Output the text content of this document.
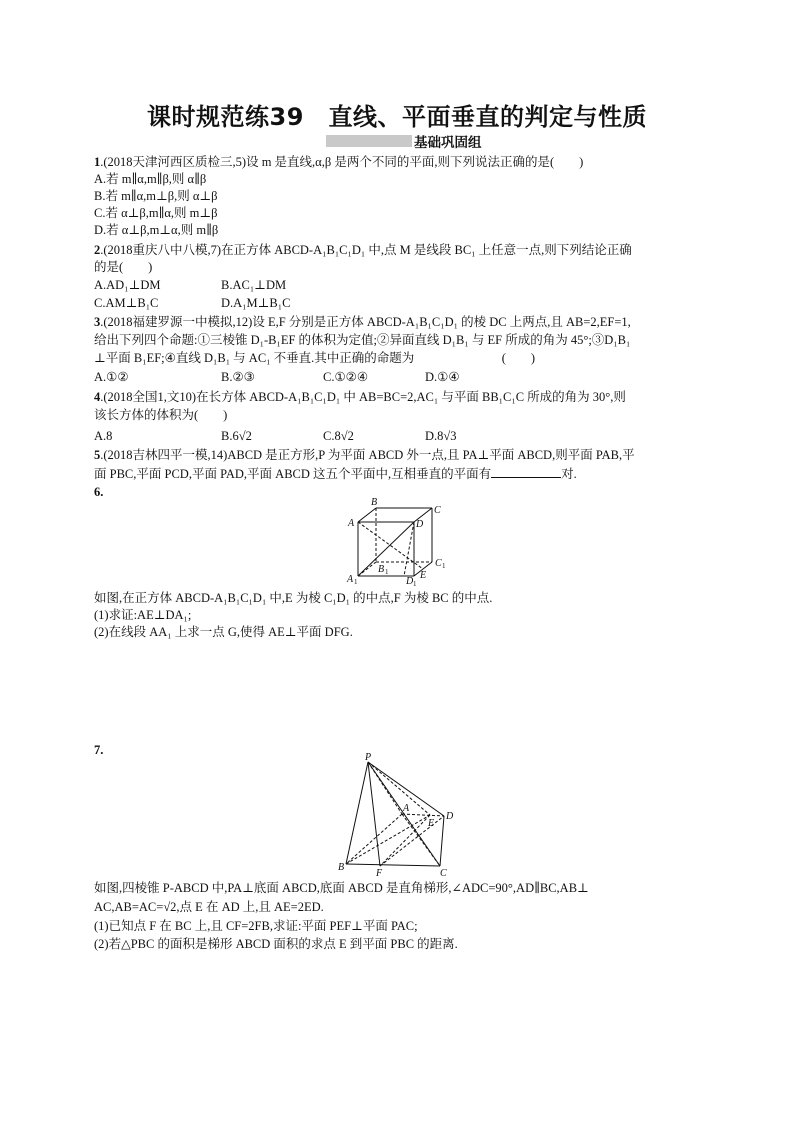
课时规范练39　直线、平面垂直的判定与性质
基础巩固组
1.(2018天津河西区质检三,5)设 m 是直线,α,β 是两个不同的平面,则下列说法正确的是(　　)
A.若 m∥α,m∥β,则 α∥β
B.若 m∥α,m⊥β,则 α⊥β
C.若 α⊥β,m∥α,则 m⊥β
D.若 α⊥β,m⊥α,则 m∥β
2.(2018重庆八中八模,7)在正方体 ABCD-A₁B₁C₁D₁ 中,点 M 是线段 BC₁ 上任意一点,则下列结论正确
的是(　　)
A.AD₁⊥DM	B.AC₁⊥DM
C.AM⊥B₁C	D.A₁M⊥B₁C
3.(2018福建罗源一中模拟,12)设 E,F 分别是正方体 ABCD-A₁B₁C₁D₁ 的棱 DC 上两点,且 AB=2,EF=1,
给出下列四个命题:①三棱锥 D₁-B₁EF 的体积为定值;②异面直线 D₁B₁ 与 EF 所成的角为 45°;③D₁B₁
⊥平面 B₁EF;④直线 D₁B₁ 与 AC₁ 不垂直.其中正确的命题为　　　　　　　(　　)
A.①②	B.②③	C.①②④	D.①④
4.(2018全国1,文10)在长方体 ABCD-A₁B₁C₁D₁ 中 AB=BC=2,AC₁ 与平面 BB₁C₁C 所成的角为 30°,则
该长方体的体积为(　　)
A.8	B.6√2	C.8√2	D.8√3
5.(2018吉林四平一模,14)ABCD 是正方形,P 为平面 ABCD 外一点,且 PA⊥平面 ABCD,则平面 PAB,平
面 PBC,平面 PCD,平面 PAD,平面 ABCD 这五个平面中,互相垂直的平面有	对.
6.
B
C
A	D
C 1
B 1	E
A 1	D 1
如图,在正方体 ABCD-A₁B₁C₁D₁ 中,E 为棱 C₁D₁ 的中点,F 为棱 BC 的中点.
(1)求证:AE⊥DA₁;
(2)在线段 AA₁ 上求一点 G,使得 AE⊥平面 DFG.
7.
P
A
E
D
B
F	C
如图,四棱锥 P-ABCD 中,PA⊥底面 ABCD,底面 ABCD 是直角梯形,∠ADC=90°,AD∥BC,AB⊥
AC,AB=AC=√2,点 E 在 AD 上,且 AE=2ED.
(1)已知点 F 在 BC 上,且 CF=2FB,求证:平面 PEF⊥平面 PAC;
(2)若△PBC 的面积是梯形 ABCD 面积的求点 E 到平面 PBC 的距离.
